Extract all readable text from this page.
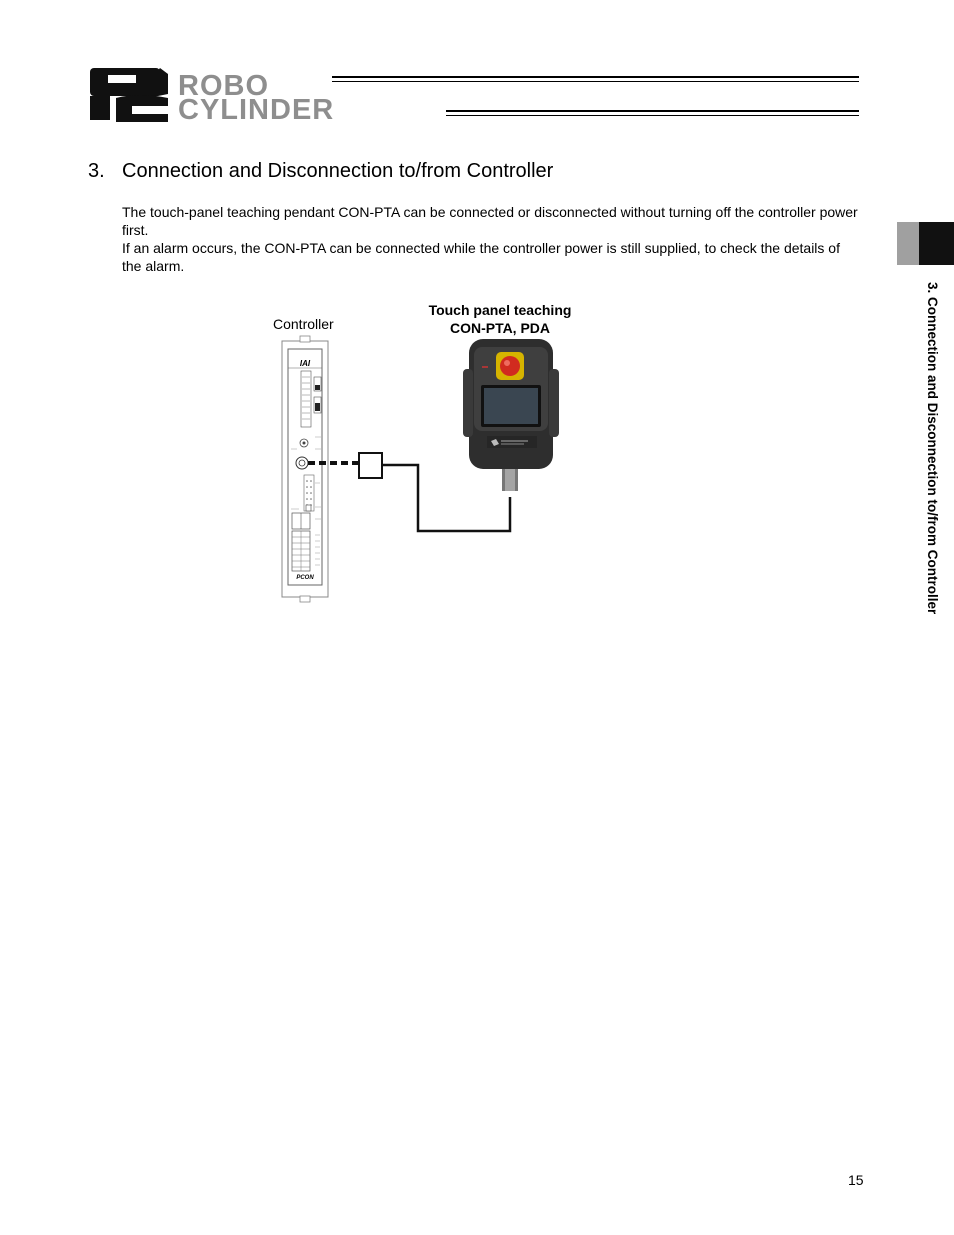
ROBO
CYLINDER
3. Connection and Disconnection to/from Controller
The touch-panel teaching pendant CON-PTA can be connected or disconnected without turning off the controller power first.
If an alarm occurs, the CON-PTA can be connected while the controller power is still supplied, to check the details of the alarm.
3. Connection and Disconnection to/from Controller
Controller
Touch panel teaching
CON-PTA, PDA
IAI
PCON
15
